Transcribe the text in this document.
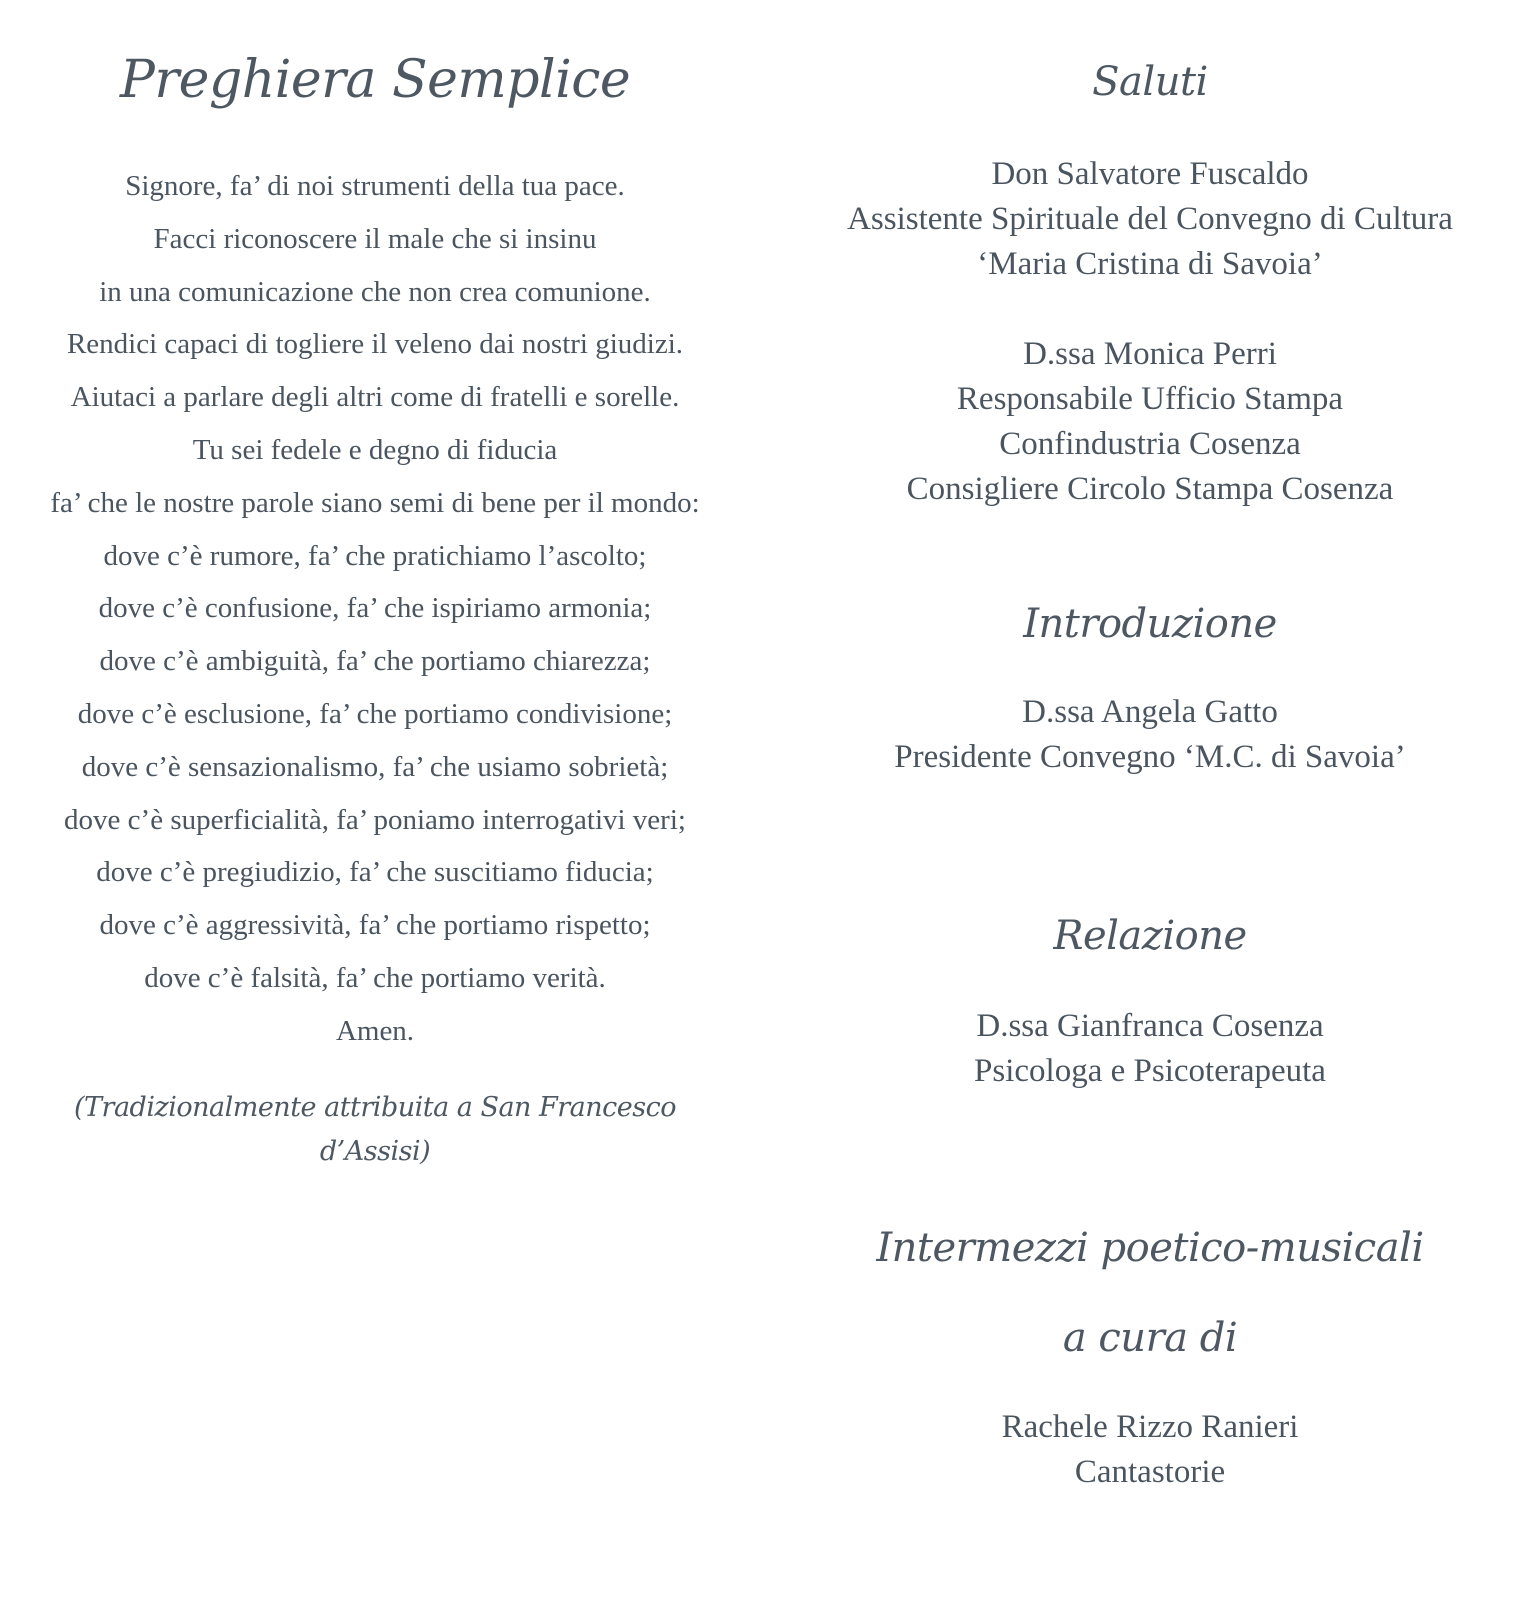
Preghiera Semplice
Signore, fa’ di noi strumenti della tua pace.
Facci riconoscere il male che si insinu
in una comunicazione che non crea comunione.
Rendici capaci di togliere il veleno dai nostri giudizi.
Aiutaci a parlare degli altri come di fratelli e sorelle.
Tu sei fedele e degno di fiducia
fa’ che le nostre parole siano semi di bene per il mondo:
dove c’è rumore, fa’ che pratichiamo l’ascolto;
dove c’è confusione, fa’ che ispiriamo armonia;
dove c’è ambiguità, fa’ che portiamo chiarezza;
dove c’è esclusione, fa’ che portiamo condivisione;
dove c’è sensazionalismo, fa’ che usiamo sobrietà;
dove c’è superficialità, fa’ poniamo interrogativi veri;
dove c’è pregiudizio, fa’ che suscitiamo fiducia;
dove c’è aggressività, fa’ che portiamo rispetto;
dove c’è falsità, fa’ che portiamo verità.
Amen.
(Tradizionalmente attribuita a San Francesco
d’Assisi)
Saluti
Don Salvatore Fuscaldo
Assistente Spirituale del Convegno di Cultura
‘Maria Cristina di Savoia’
D.ssa Monica Perri
Responsabile Ufficio Stampa
Confindustria Cosenza
Consigliere Circolo Stampa Cosenza
Introduzione
D.ssa Angela Gatto
Presidente Convegno ‘M.C. di Savoia’
Relazione
D.ssa Gianfranca Cosenza
Psicologa e Psicoterapeuta
Intermezzi poetico-musicali
a cura di
Rachele Rizzo Ranieri
Cantastorie
